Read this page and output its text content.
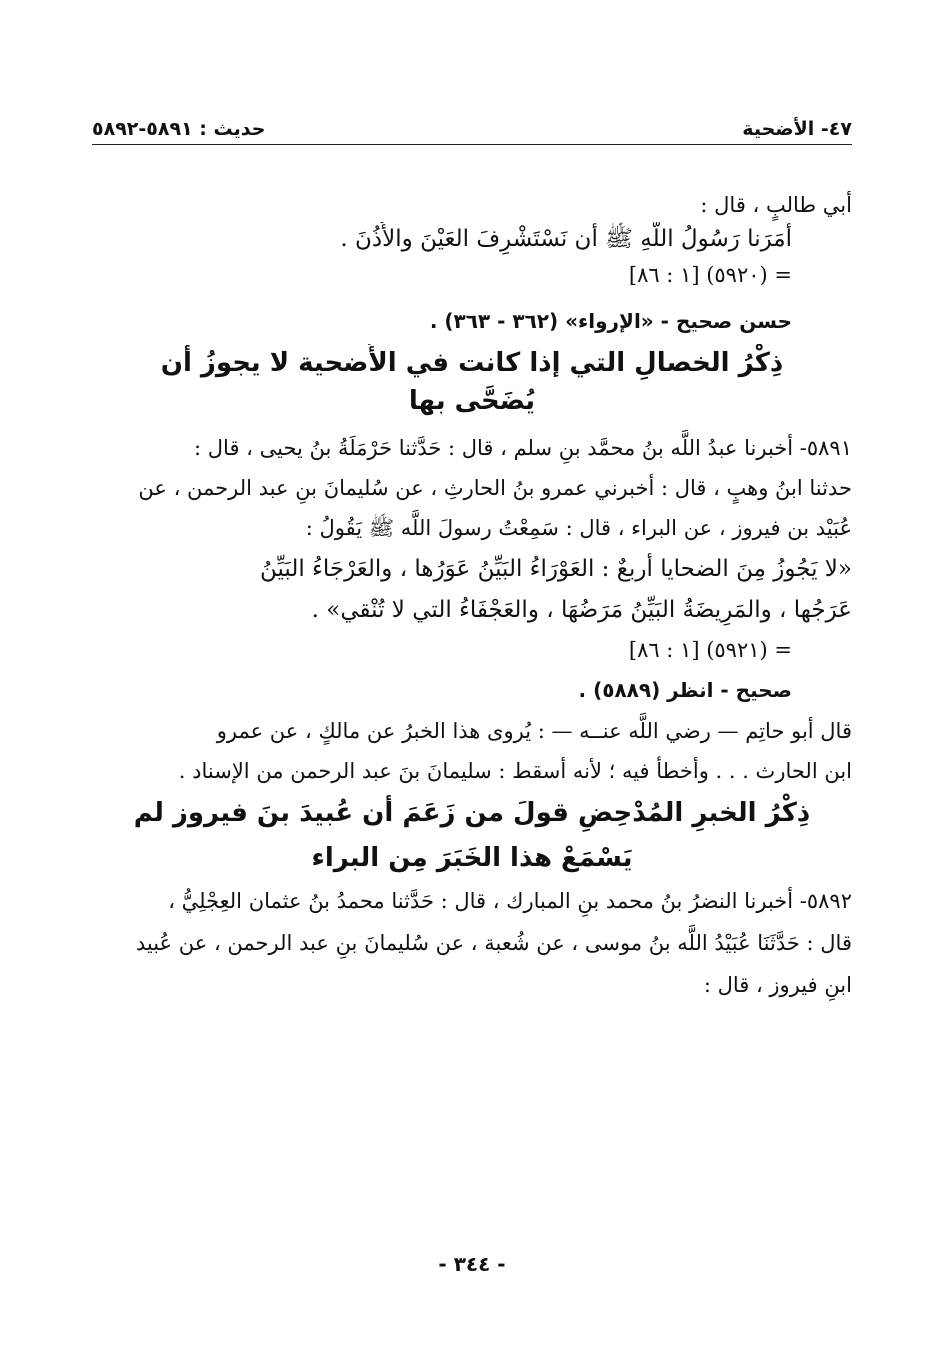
٤٧- الأضحية
حديث : ٥٨٩١-٥٨٩٢
أبي طالبٍ ، قال :
أَمَرَنا رَسُولُ اللَّهِ ﷺ أن نَسْتَشْرِفَ العَيْنَ والأُذُنَ .
= (٥٩٢٠) [١ : ٨٦]
حسن صحيح - «الإرواء» (٣٦٢ - ٣٦٣) .
ذِكْرُ الخصالِ التي إذا كانت في الأُضحية لا يجوزُ أن
يُضَحَّى بها
٥٨٩١- أخبرنا عبدُ اللَّه بنُ محمَّد بنِ سلم ، قال : حَدَّثنا حَرْمَلَةُ بنُ يحيى ، قال :
حدثنا ابنُ وهبٍ ، قال : أخبرني عمرو بنُ الحارثِ ، عن سُليمانَ بنِ عبد الرحمن ، عن
عُبَيْد بن فيروز ، عن البراء ، قال : سَمِعْتُ رسولَ اللَّه ﷺ يَقُولُ :
«لا يَجُوزُ مِنَ الضحايا أربعٌ : العَوْرَاءُ البَيِّنُ عَوَرُها ، والعَرْجَاءُ البَيِّنُ
عَرَجُها ، والمَرِيضَةُ البَيِّنُ مَرَضُهَا ، والعَجْفَاءُ التي لا تُنْقي» .
= (٥٩٢١) [١ : ٨٦]
صحيح - انظر (٥٨٨٩) .
قال أبو حاتِم — رضي اللَّه عنــه — : يُروى هذا الخبرُ عن مالكٍ ، عن عمرو
ابن الحارث . . . وأخطأ فيه ؛ لأنه أسقط : سليمانَ بنَ عبد الرحمن من الإسناد .
ذِكْرُ الخبرِ المُدْحِضِ قولَ من زَعَمَ أن عُبيدَ بنَ فيروز لم
يَسْمَعْ هذا الخَبَرَ مِن البراء
٥٨٩٢- أخبرنا النضرُ بنُ محمد بنِ المبارك ، قال : حَدَّثنا محمدُ بنُ عثمان العِجْلِيُّ ،
قال : حَدَّثَنَا عُبَيْدُ اللَّه بنُ موسى ، عن شُعبة ، عن سُليمانَ بنِ عبد الرحمن ، عن عُبيد
ابنِ فيروز ، قال :
- ٣٤٤ -
